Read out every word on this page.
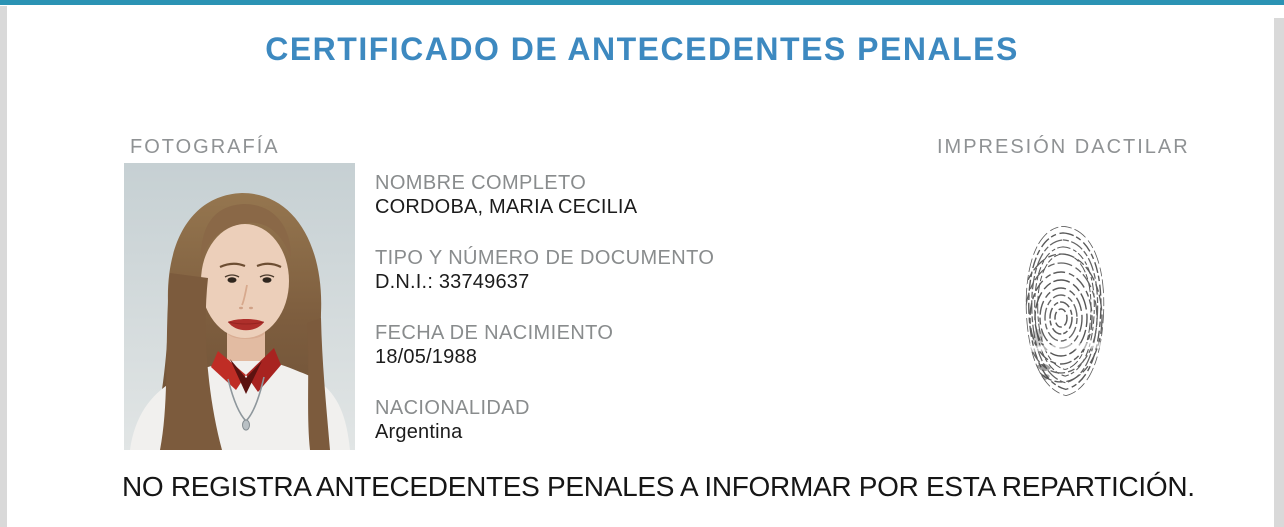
CERTIFICADO DE ANTECEDENTES PENALES
FOTOGRAFÍA	IMPRESIÓN DACTILAR
NOMBRE COMPLETO
CORDOBA, MARIA CECILIA
TIPO Y NÚMERO DE DOCUMENTO
D.N.I.: 33749637
FECHA DE NACIMIENTO
18/05/1988
NACIONALIDAD
Argentina
NO REGISTRA ANTECEDENTES PENALES A INFORMAR POR ESTA REPARTICIÓN.
